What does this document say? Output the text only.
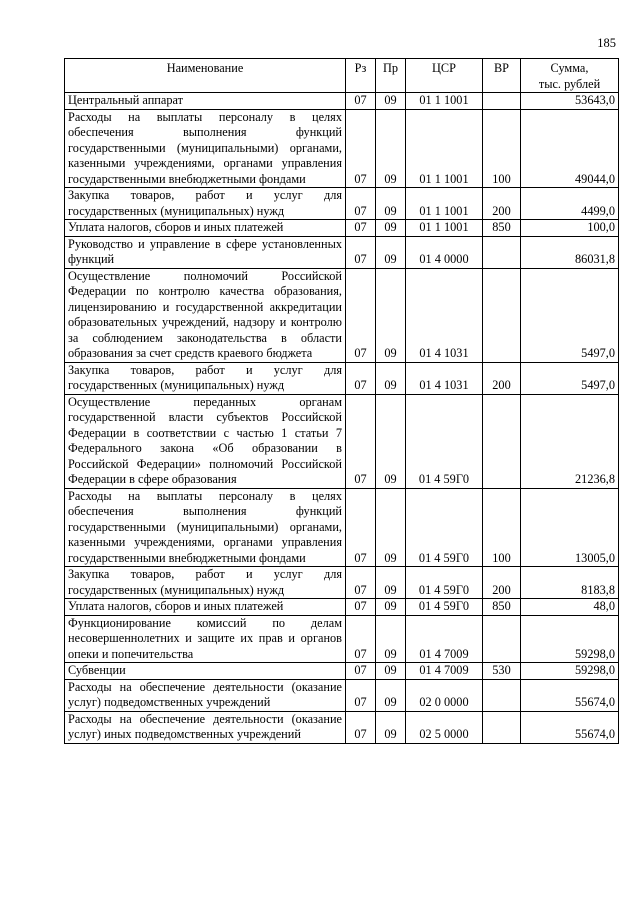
185
Наименование	Рз	Пр	ЦСР	ВР	Сумма,
тыс. рублей

Центральный аппарат	07	09	01 1 1001		53643,0
Расходы на выплаты персоналу в целях обеспечения выполнения функций государственными (муниципальными) органами, казенными учреждениями, органами управления государственными внебюджетными фондами	07	09	01 1 1001	100	49044,0
Закупка товаров, работ и услуг для государственных (муниципальных) нужд	07	09	01 1 1001	200	4499,0
Уплата налогов, сборов и иных платежей	07	09	01 1 1001	850	100,0
Руководство и управление в сфере установленных функций	07	09	01 4 0000		86031,8
Осуществление полномочий Российской Федерации по контролю качества образования, лицензированию и государственной аккредитации образовательных учреждений, надзору и контролю за соблюдением законодательства в области образования за счет средств краевого бюджета	07	09	01 4 1031		5497,0
Закупка товаров, работ и услуг для государственных (муниципальных) нужд	07	09	01 4 1031	200	5497,0
Осуществление переданных органам государственной власти субъектов Российской Федерации в соответствии с частью 1 статьи 7 Федерального закона «Об образовании в Российской Федерации» полномочий Российской Федерации в сфере образования	07	09	01 4 59Г0		21236,8
Расходы на выплаты персоналу в целях обеспечения выполнения функций государственными (муниципальными) органами, казенными учреждениями, органами управления государственными внебюджетными фондами	07	09	01 4 59Г0	100	13005,0
Закупка товаров, работ и услуг для государственных (муниципальных) нужд	07	09	01 4 59Г0	200	8183,8
Уплата налогов, сборов и иных платежей	07	09	01 4 59Г0	850	48,0
Функционирование комиссий по делам несовершеннолетних и защите их прав и органов опеки и попечительства	07	09	01 4 7009		59298,0
Субвенции	07	09	01 4 7009	530	59298,0
Расходы на обеспечение деятельности (оказание услуг) подведомственных учреждений	07	09	02 0 0000		55674,0
Расходы на обеспечение деятельности (оказание услуг) иных подведомственных учреждений	07	09	02 5 0000		55674,0
